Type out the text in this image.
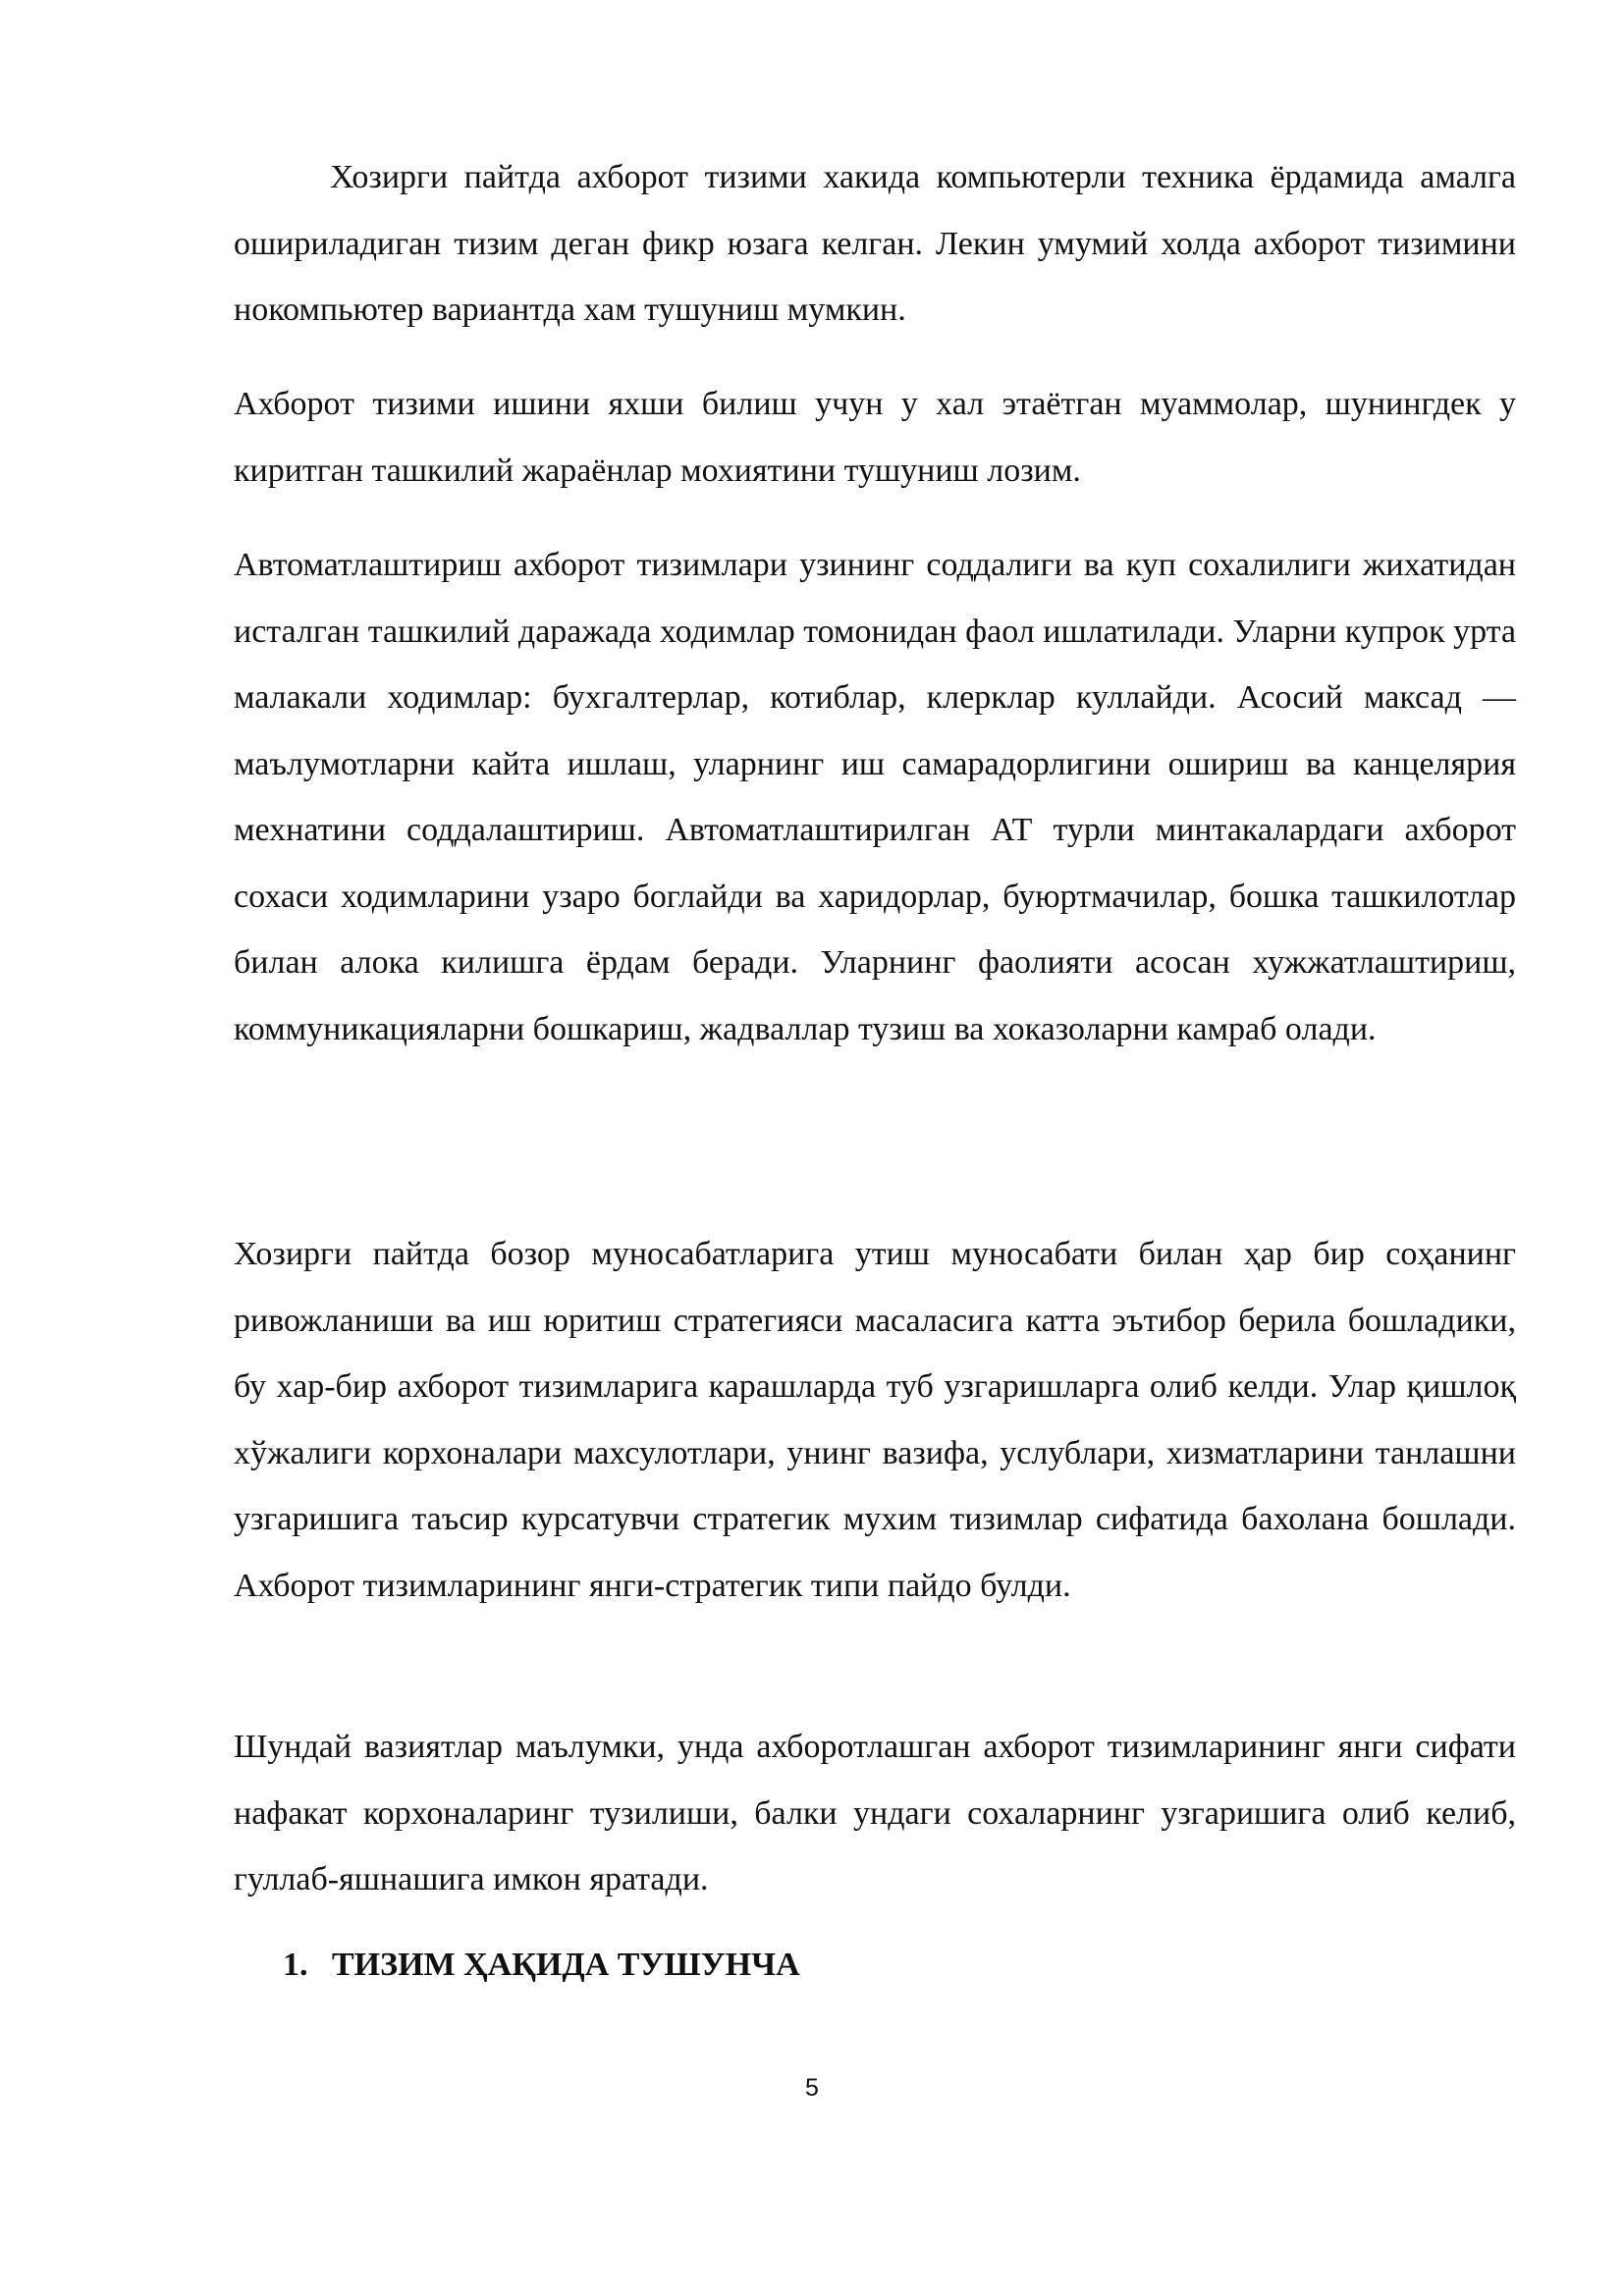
Хозирги пайтда ахборот тизими хакида компьютерли техника ёрдамида амалга ошириладиган тизим деган фикр юзага келган. Лекин умумий холда ахборот тизимини нокомпьютер вариантда хам тушуниш мумкин.

Ахборот тизими ишини яхши билиш учун у хал этаётган муаммолар, шунингдек у киритган ташкилий жараёнлар мохиятини тушуниш лозим.

Автоматлаштириш ахборот тизимлари узининг соддалиги ва куп сохалилиги жихатидан исталган ташкилий даражада ходимлар томонидан фаол ишлатилади. Уларни купрок урта малакали ходимлар: бухгалтерлар, котиблар, клерклар куллайди. Асосий максад — маълумотларни кайта ишлаш, уларнинг иш самарадорлигини ошириш ва канцелярия мехнатини соддалаштириш. Автоматлаштирилган АТ турли минтакалардаги ахборот сохаси ходимларини узаро боглайди ва харидорлар, буюртмачилар, бошка ташкилотлар билан алока килишга ёрдам беради. Уларнинг фаолияти асосан хужжатлаштириш, коммуникацияларни бошкариш, жадваллар тузиш ва хоказоларни камраб олади.

Хозирги пайтда бозор муносабатларига утиш муносабати билан ҳар бир соҳанинг ривожланиши ва иш юритиш стратегияси масаласига катта эътибор берила бошладики, бу хар-бир ахборот тизимларига карашларда туб узгаришларга олиб келди. Улар қишлоқ хўжалиги корхоналари махсулотлари, унинг вазифа, услублари, хизматларини танлашни узгаришига таъсир курсатувчи стратегик мухим тизимлар сифатида бахолана бошлади. Ахборот тизимларининг янги-стратегик типи пайдо булди.

Шундай вазиятлар маълумки, унда ахборотлашган ахборот тизимларининг янги сифати нафакат корхоналаринг тузилиши, балки ундаги сохаларнинг узгаришига олиб келиб, гуллаб-яшнашига имкон яратади.

1. ТИЗИМ ҲАҚИДА ТУШУНЧА
5
